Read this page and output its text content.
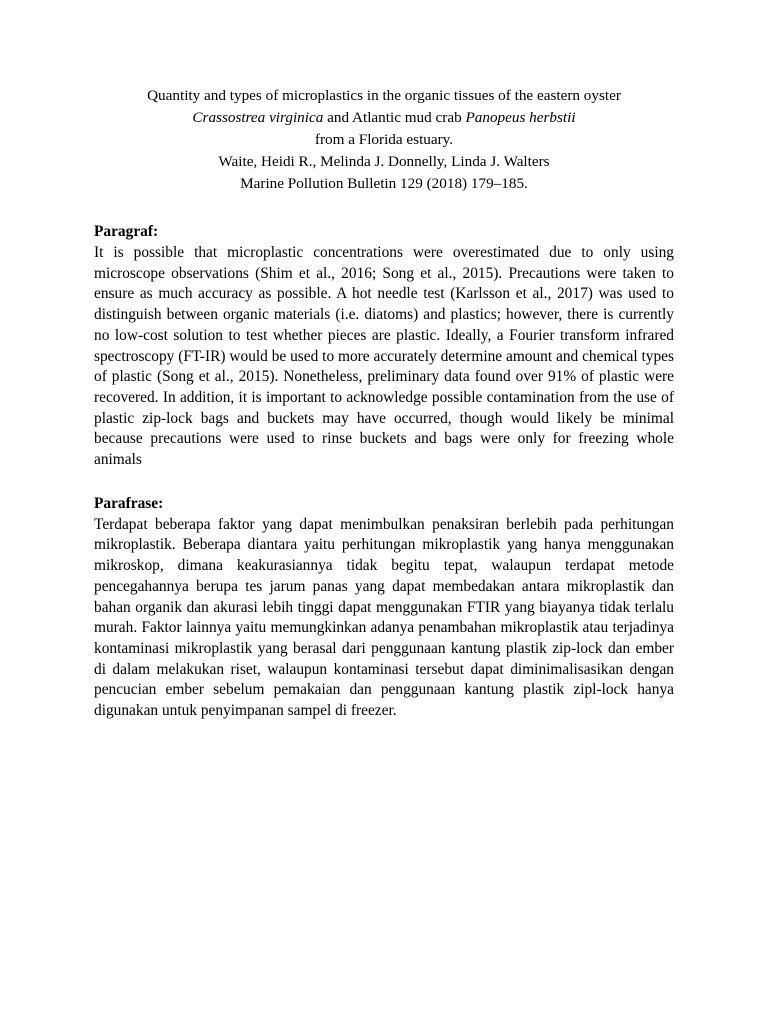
Quantity and types of microplastics in the organic tissues of the eastern oyster
Crassostrea virginica and Atlantic mud crab Panopeus herbstii
from a Florida estuary.
Waite, Heidi R., Melinda J. Donnelly, Linda J. Walters
Marine Pollution Bulletin 129 (2018) 179–185.
Paragraf:

It is possible that microplastic concentrations were overestimated due to only using microscope observations (Shim et al., 2016; Song et al., 2015). Precautions were taken to ensure as much accuracy as possible. A hot needle test (Karlsson et al., 2017) was used to distinguish between organic materials (i.e. diatoms) and plastics; however, there is currently no low-cost solution to test whether pieces are plastic. Ideally, a Fourier transform infrared spectroscopy (FT-IR) would be used to more accurately determine amount and chemical types of plastic (Song et al., 2015). Nonetheless, preliminary data found over 91% of plastic were recovered. In addition, it is important to acknowledge possible contamination from the use of plastic zip-lock bags and buckets may have occurred, though would likely be minimal because precautions were used to rinse buckets and bags were only for freezing whole animals

Parafrase:

Terdapat beberapa faktor yang dapat menimbulkan penaksiran berlebih pada perhitungan mikroplastik. Beberapa diantara yaitu perhitungan mikroplastik yang hanya menggunakan mikroskop, dimana keakurasiannya tidak begitu tepat, walaupun terdapat metode pencegahannya berupa tes jarum panas yang dapat membedakan antara mikroplastik dan bahan organik dan akurasi lebih tinggi dapat menggunakan FTIR yang biayanya tidak terlalu murah. Faktor lainnya yaitu memungkinkan adanya penambahan mikroplastik atau terjadinya kontaminasi mikroplastik yang berasal dari penggunaan kantung plastik zip-lock dan ember di dalam melakukan riset, walaupun kontaminasi tersebut dapat diminimalisasikan dengan pencucian ember sebelum pemakaian dan penggunaan kantung plastik zipl-lock hanya digunakan untuk penyimpanan sampel di freezer.
